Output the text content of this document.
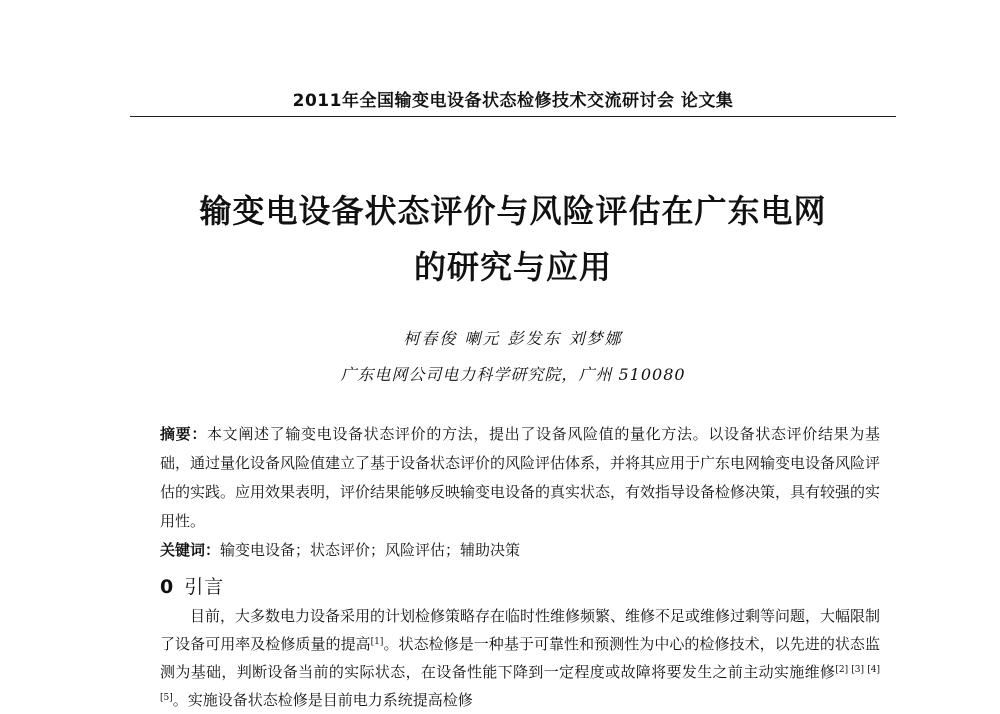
2011年全国输变电设备状态检修技术交流研讨会 论文集
输变电设备状态评价与风险评估在广东电网
的研究与应用
柯春俊 喇元 彭发东 刘梦娜
广东电网公司电力科学研究院，广州 510080
摘要：本文阐述了输变电设备状态评价的方法，提出了设备风险值的量化方法。以设备状态评价结果为基础，通过量化设备风险值建立了基于设备状态评价的风险评估体系，并将其应用于广东电网输变电设备风险评估的实践。应用效果表明，评价结果能够反映输变电设备的真实状态，有效指导设备检修决策，具有较强的实用性。
关键词：输变电设备；状态评价；风险评估；辅助决策
0 引言
目前，大多数电力设备采用的计划检修策略存在临时性维修频繁、维修不足或维修过剩等问题，大幅限制了设备可用率及检修质量的提高[1]。状态检修是一种基于可靠性和预测性为中心的检修技术，以先进的状态监测为基础，判断设备当前的实际状态，在设备性能下降到一定程度或故障将要发生之前主动实施维修[2] [3] [4] [5]。实施设备状态检修是目前电力系统提高检修
